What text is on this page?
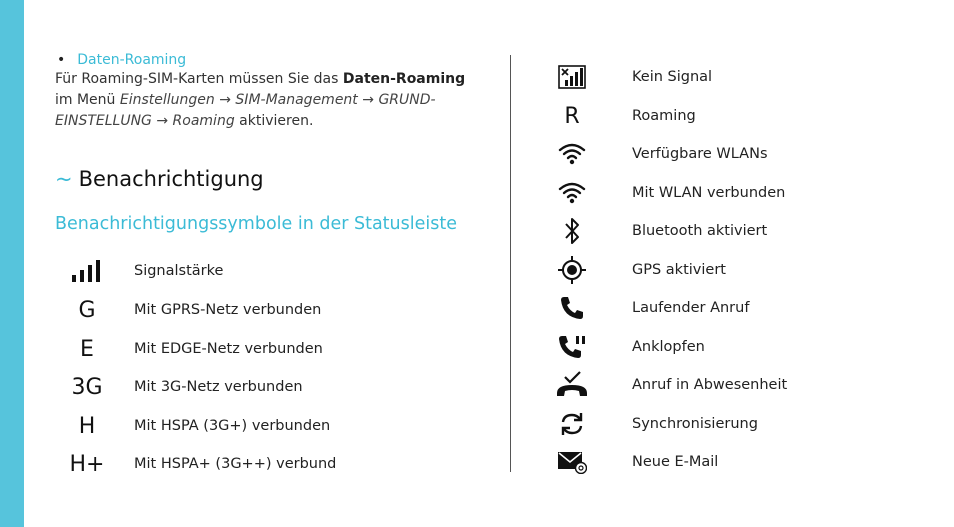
• Daten-Roaming
Für Roaming-SIM-Karten müssen Sie das Daten-Roaming
im Menü Einstellungen → SIM-Management → GRUND-
EINSTELLUNG → Roaming aktivieren.
~ Benachrichtigung
Benachrichtigungssymbole in der Statusleiste
Signalstärke
G	Mit GPRS-Netz verbunden
E	Mit EDGE-Netz verbunden
3G	Mit 3G-Netz verbunden
H	Mit HSPA (3G+) verbunden
H+	Mit HSPA+ (3G++) verbund
Kein Signal
R	Roaming
Verfügbare WLANs
Mit WLAN verbunden
Bluetooth aktiviert
GPS aktiviert
Laufender Anruf
Anklopfen
Anruf in Abwesenheit
Synchronisierung
Neue E-Mail
